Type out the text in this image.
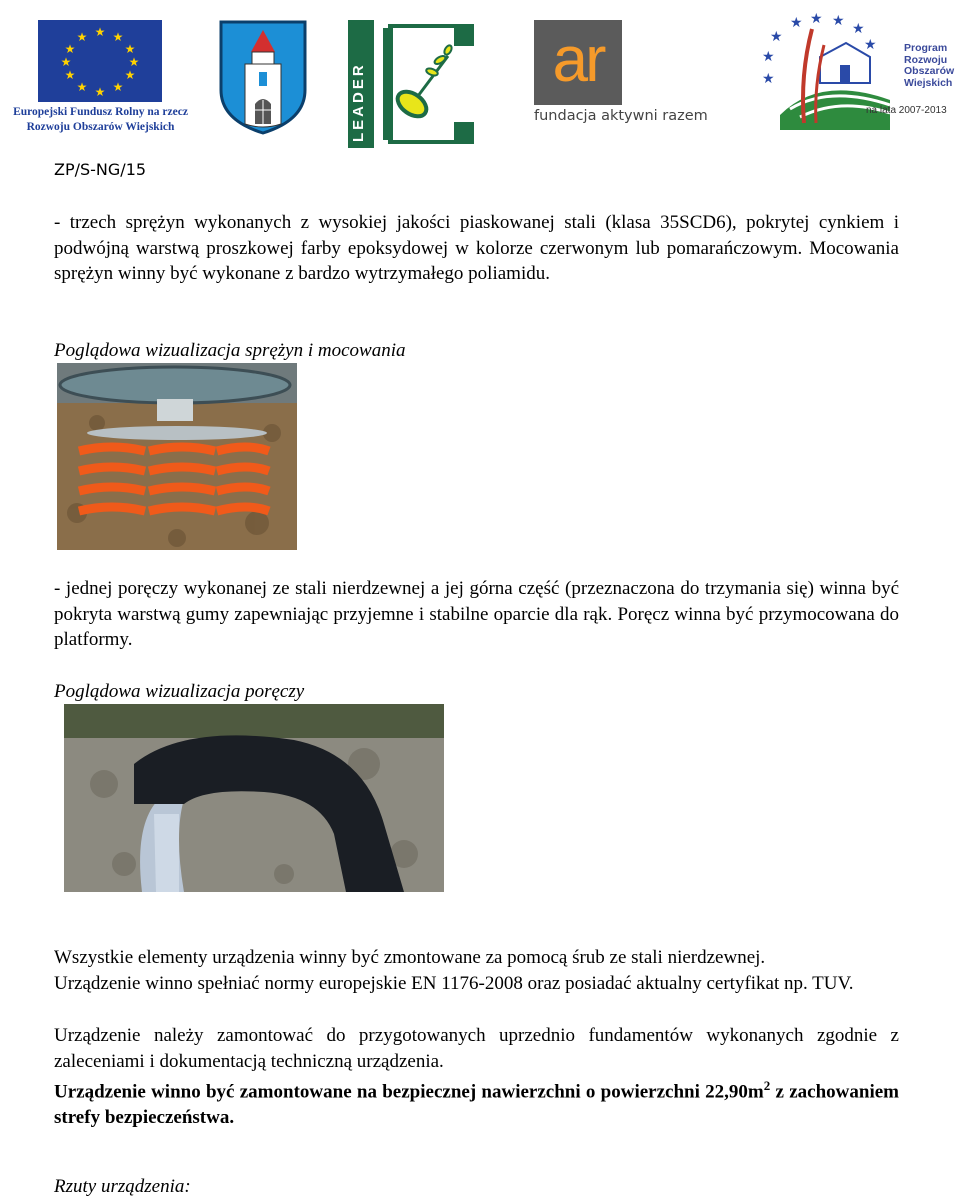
★ ★
★
★
★
★
★
★
★
★
★
★
Europejski Fundusz Rolny na rzecz
Rozwoju Obszarów Wiejskich	LEADER
ar
fundacja aktywni razem
★ ★ ★
★
★
★
★
★
Program
Rozwoju
Obszarów
Wiejskich
na lata 2007-2013
ZP/S-NG/15

- trzech sprężyn wykonanych z wysokiej jakości piaskowanej stali (klasa 35SCD6), pokrytej cynkiem i podwójną warstwą proszkowej farby epoksydowej w kolorze czerwonym lub pomarańczowym. Mocowania sprężyn winny być wykonane z bardzo wytrzymałego poliamidu.

Poglądowa wizualizacja sprężyn i mocowania

- jednej poręczy wykonanej ze stali nierdzewnej a jej górna część (przeznaczona do trzymania się) winna być pokryta warstwą gumy zapewniając przyjemne i stabilne oparcie dla rąk. Poręcz winna być przymocowana do platformy.

Poglądowa wizualizacja poręczy

Wszystkie elementy urządzenia winny być zmontowane za pomocą śrub ze stali nierdzewnej.

Urządzenie winno spełniać normy europejskie EN 1176-2008 oraz posiadać aktualny certyfikat np. TUV.

Urządzenie należy zamontować do przygotowanych uprzednio fundamentów wykonanych zgodnie z zaleceniami i dokumentacją techniczną urządzenia.

Urządzenie winno być zamontowane na bezpiecznej nawierzchni o powierzchni $22,90m^2$ z zachowaniem strefy bezpieczeństwa.

Rzuty urządzenia:
